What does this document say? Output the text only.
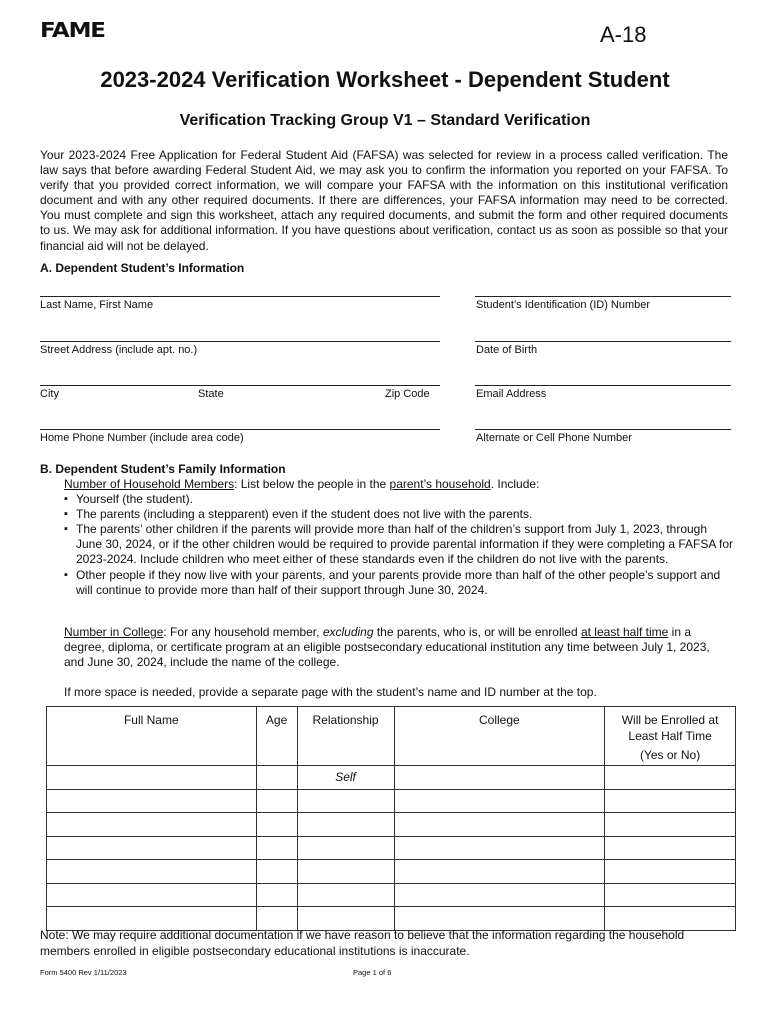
FAME	A-18
2023-2024 Verification Worksheet - Dependent Student
Verification Tracking Group V1 – Standard Verification
Your 2023-2024 Free Application for Federal Student Aid (FAFSA) was selected for review in a process called verification. The law says that before awarding Federal Student Aid, we may ask you to confirm the information you reported on your FAFSA. To verify that you provided correct information, we will compare your FAFSA with the information on this institutional verification document and with any other required documents. If there are differences, your FAFSA information may need to be corrected. You must complete and sign this worksheet, attach any required documents, and submit the form and other required documents to us. We may ask for additional information. If you have questions about verification, contact us as soon as possible so that your financial aid will not be delayed.
A. Dependent Student’s Information
Last Name, First Name	Student’s Identification (ID) Number
Street Address (include apt. no.)	Date of Birth
City	State	Zip Code	Email Address
Home Phone Number (include area code)	Alternate or Cell Phone Number
B. Dependent Student’s Family Information

Number of Household Members: List below the people in the parent’s household. Include:

▪ Yourself (the student).
▪ The parents (including a stepparent) even if the student does not live with the parents.
▪ The parents’ other children if the parents will provide more than half of the children’s support from July 1, 2023, through June 30, 2024, or if the other children would be required to provide parental information if they were completing a FAFSA for 2023-2024. Include children who meet either of these standards even if the children do not live with the parents.
▪ Other people if they now live with your parents, and your parents provide more than half of the other people’s support and will continue to provide more than half of their support through June 30, 2024.
Number in College: For any household member, excluding the parents, who is, or will be enrolled at least half time in a degree, diploma, or certificate program at an eligible postsecondary educational institution any time between July 1, 2023, and June 30, 2024, include the name of the college.
If more space is needed, provide a separate page with the student’s name and ID number at the top.
Full Name	Age	Relationship	College	Will be Enrolled at
Least Half Time
(Yes or No)

		Self		

Note: We may require additional documentation if we have reason to believe that the information regarding the household members enrolled in eligible postsecondary educational institutions is inaccurate.
Form 5400 Rev 1/11/2023	Page 1 of 6
